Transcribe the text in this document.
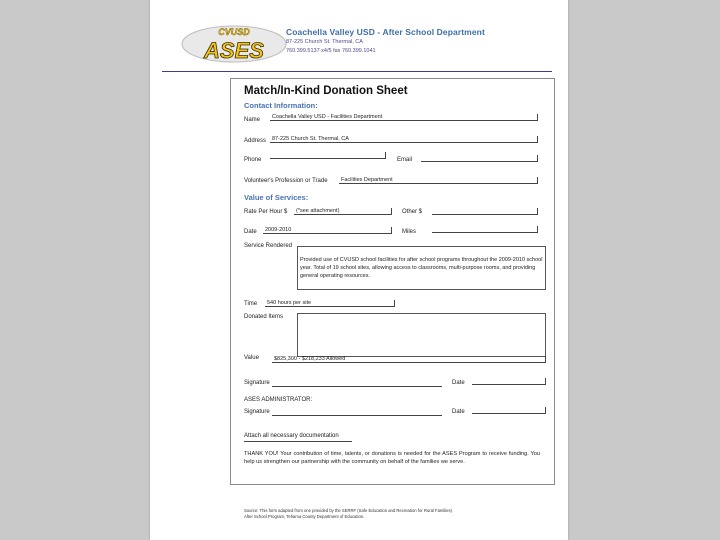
CVUSD
ASES
Coachella Valley USD - After School Department
87-225 Church St. Thermal, CA
760.399.5137 x4/5 fax 760.399.1041
Match/In-Kind Donation Sheet
Contact Information:
Name	Coachella Valley USD - Facilities Department
Address	87-225 Church St. Thermal, CA
Phone	Email
Volunteer's Profession or Trade	Facilities Department
Value of Services:
Rate Per Hour $	(*see attachment)	Other $
Date	2009-2010	Miles
Service Rendered
Provided use of CVUSD school facilities for after school programs throughout the 2009-2010 school year. Total of 19 school sites, allowing access to classrooms, multi-purpose rooms, and providing general operating resources.
Time	540 hours per site
Donated Items
Value	$825,300 - $218,233 Allowed
Signature	Date
ASES ADMINISTRATOR:
Signature	Date
Attach all necessary documentation
THANK YOU! Your contribution of time, talents, or donations is needed for the ASES Program to receive funding. You help us strengthen our partnership with the community on behalf of the families we serve.
Source: This form adapted from one provided by the SERRF (Safe Education and Recreation for Rural Families)
After School Program, Tehama County Department of Education.
